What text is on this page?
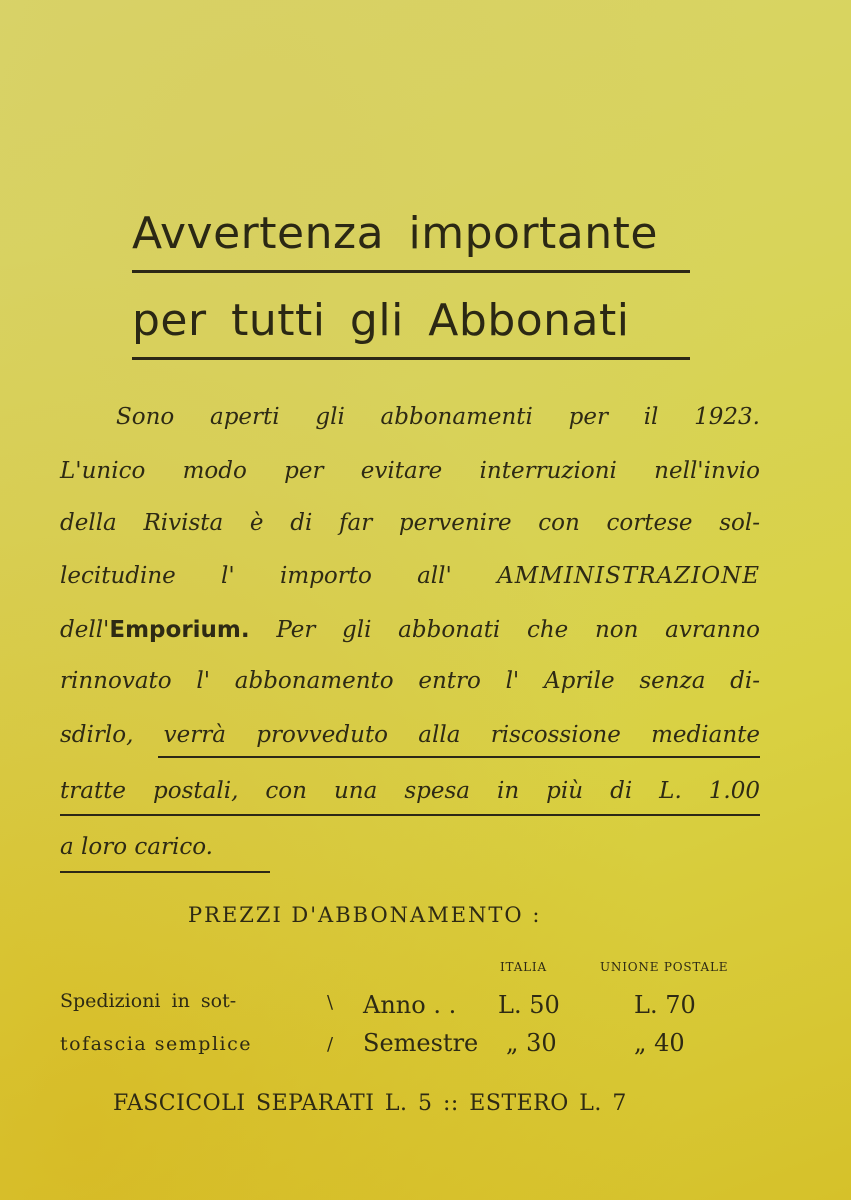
Avvertenza importante
per tutti gli Abbonati
Sono aperti gli abbonamenti per il 1923.
L'unico modo per evitare interruzioni nell'invio
della Rivista è di far pervenire con cortese sol-
lecitudine l' importo all' AMMINISTRAZIONE
dell'Emporium. Per gli abbonati che non avranno
rinnovato l' abbonamento entro l' Aprile senza di-
sdirlo, verrà provveduto alla riscossione mediante
tratte postali, con una spesa in più di L. 1.00
a loro carico.
PREZZI D'ABBONAMENTO :
ITALIA	UNIONE POSTALE
Spedizioni in sot-
tofascia semplice
\
/
Anno . .
Semestre
L. 50
„ 30
L. 70
„ 40
FASCICOLI SEPARATI L. 5 :: ESTERO L. 7
